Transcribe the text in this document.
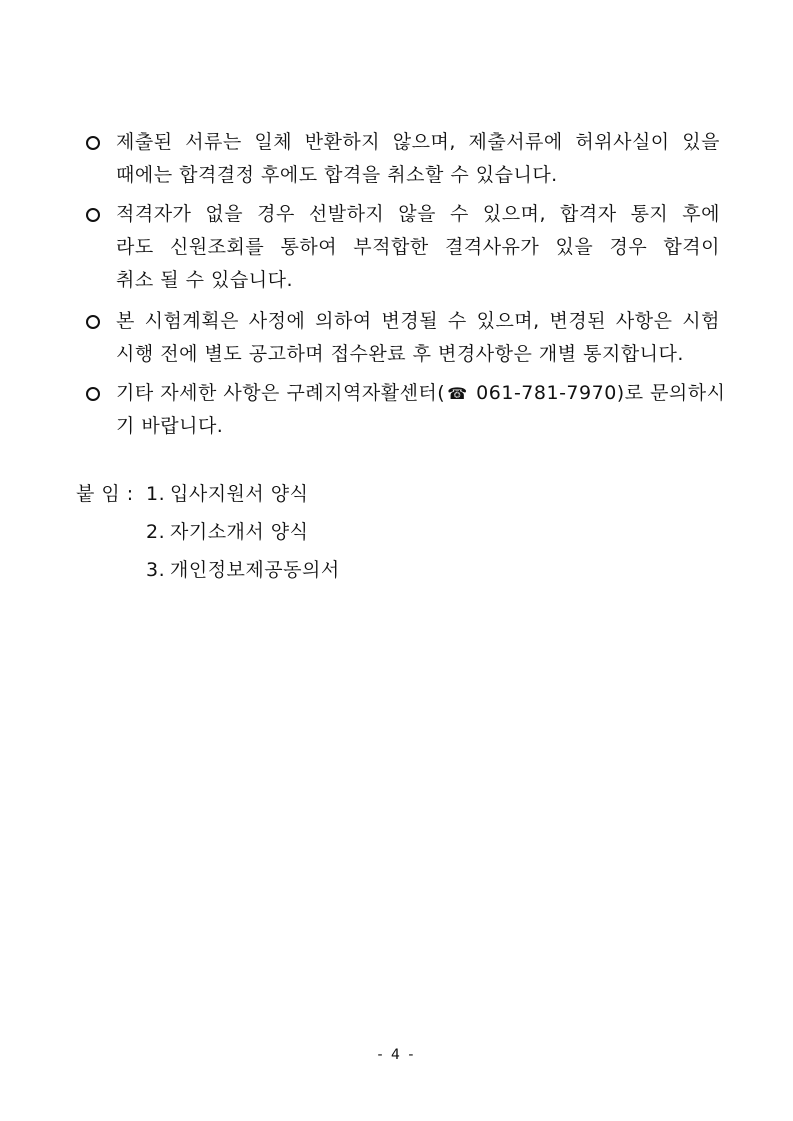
제출된 서류는 일체 반환하지 않으며, 제출서류에 허위사실이 있을
때에는 합격결정 후에도 합격을 취소할 수 있습니다.
적격자가 없을 경우 선발하지 않을 수 있으며, 합격자 통지 후에
라도 신원조회를 통하여 부적합한 결격사유가 있을 경우 합격이
취소 될 수 있습니다.
본 시험계획은 사정에 의하여 변경될 수 있으며, 변경된 사항은 시험
시행 전에 별도 공고하며 접수완료 후 변경사항은 개별 통지합니다.
기타 자세한 사항은 구례지역자활센터( ☎ 061-781-7970)로 문의하시
기 바랍니다.
붙 임 : 1. 입사지원서 양식
2. 자기소개서 양식
3. 개인정보제공동의서
- 4 -
